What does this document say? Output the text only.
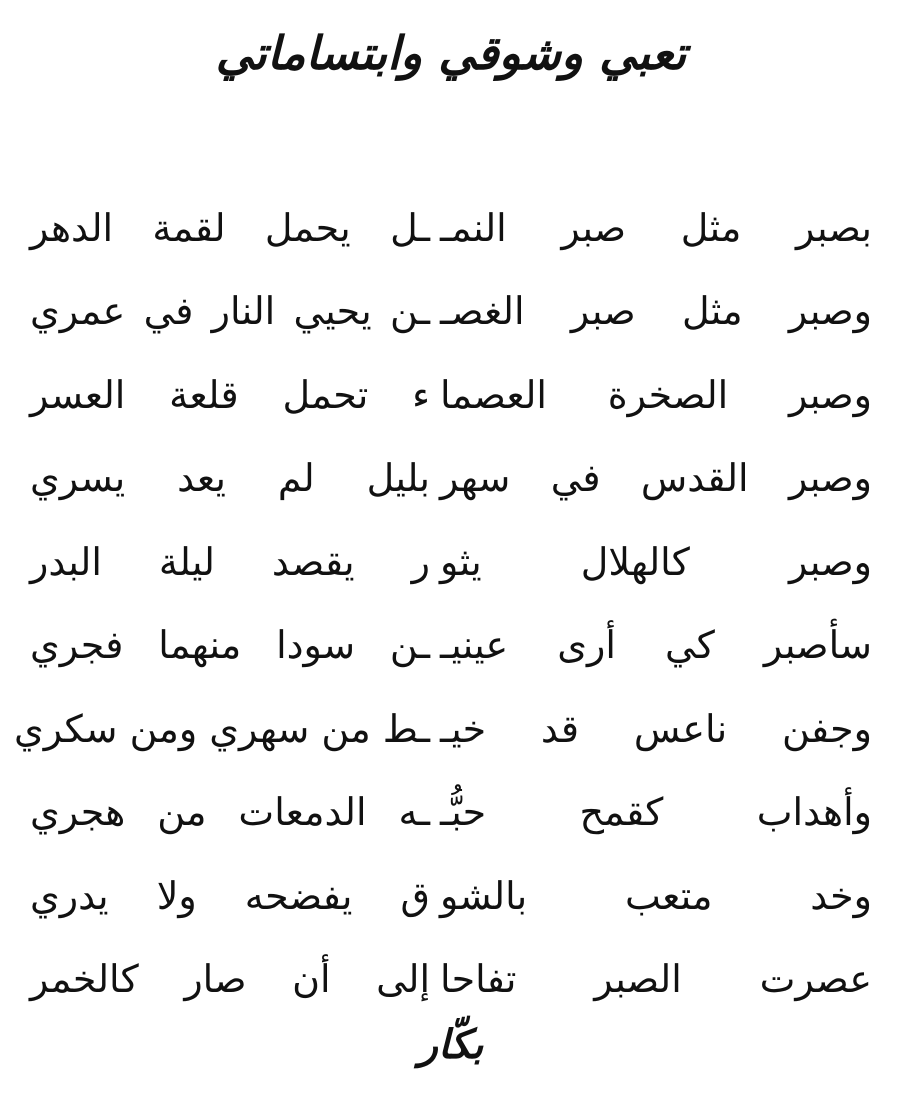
تعبي وشوقي وابتساماتي
بصبر مثل صبر النمـ
ـل يحمل لقمة الدهر
وصبر مثل صبر الغصـ
ـن يحيي النار في عمري
وصبر الصخرة العصما
ء تحمل قلعة العسر
وصبر القدس في سهر
بليل لم يعد يسري
وصبر كالهلال يثو
ر يقصد ليلة البدر
سأصبر كي أرى عينيـ
ـن سودا منهما فجري
وجفن ناعس قد خيـ
ـط من سهري ومن سكري
وأهداب كقمح حبُّـ
ـه الدمعات من هجري
وخد متعب بالشو
ق يفضحه ولا يدري
عصرت الصبر تفاحا
إلى أن صار كالخمر
بكّار
